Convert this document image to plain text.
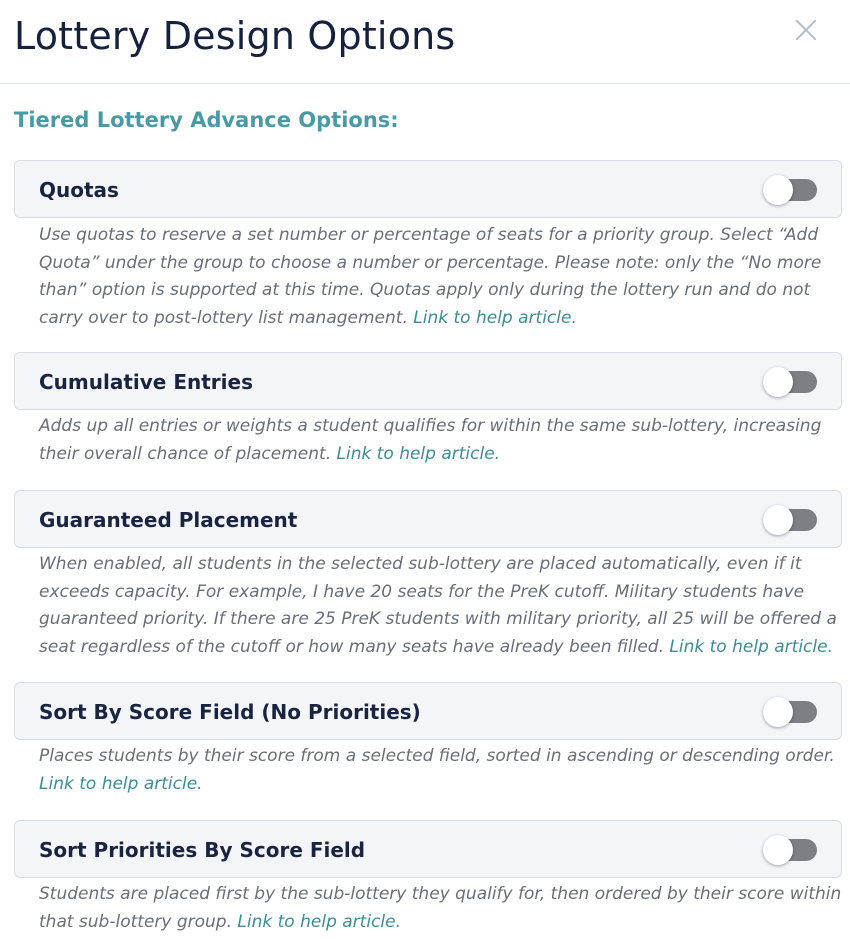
Lottery Design Options
Tiered Lottery Advance Options:
Quotas

Use quotas to reserve a set number or percentage of seats for a priority group. Select “Add Quota” under the group to choose a number or percentage. Please note: only the “No more than” option is supported at this time. Quotas apply only during the lottery run and do not carry over to post-lottery list management. Link to help article.

Cumulative Entries

Adds up all entries or weights a student qualifies for within the same sub-lottery, increasing their overall chance of placement. Link to help article.

Guaranteed Placement

When enabled, all students in the selected sub-lottery are placed automatically, even if it exceeds capacity. For example, I have 20 seats for the PreK cutoff. Military students have guaranteed priority. If there are 25 PreK students with military priority, all 25 will be offered a seat regardless of the cutoff or how many seats have already been filled. Link to help article.

Sort By Score Field (No Priorities)

Places students by their score from a selected field, sorted in ascending or descending order. Link to help article.

Sort Priorities By Score Field

Students are placed first by the sub-lottery they qualify for, then ordered by their score within that sub-lottery group. Link to help article.
